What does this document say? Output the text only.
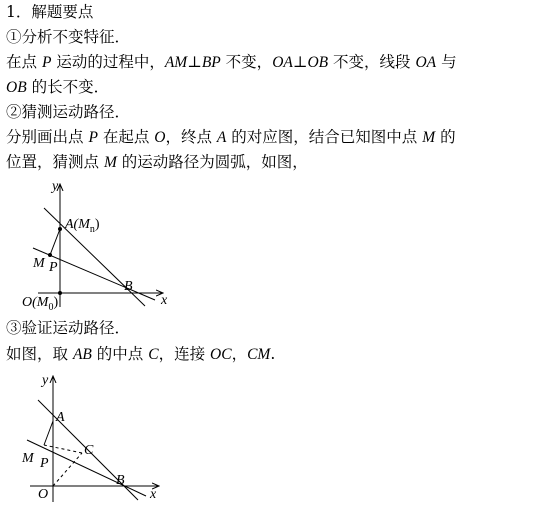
1．解题要点
①分析不变特征．
在点 P 运动的过程中，AM⊥BP 不变，OA⊥OB 不变，线段 OA 与
OB 的长不变．
②猜测运动路径．
分别画出点 P 在起点 O，终点 A 的对应图，结合已知图中点 M 的
位置，猜测点 M 的运动路径为圆弧，如图，
y
x
$A(M_n)$
M P
B
$O(M_0)$
③验证运动路径．
如图，取 AB 的中点 C，连接 OC，CM.
y
x
A
C
M P
B
O
